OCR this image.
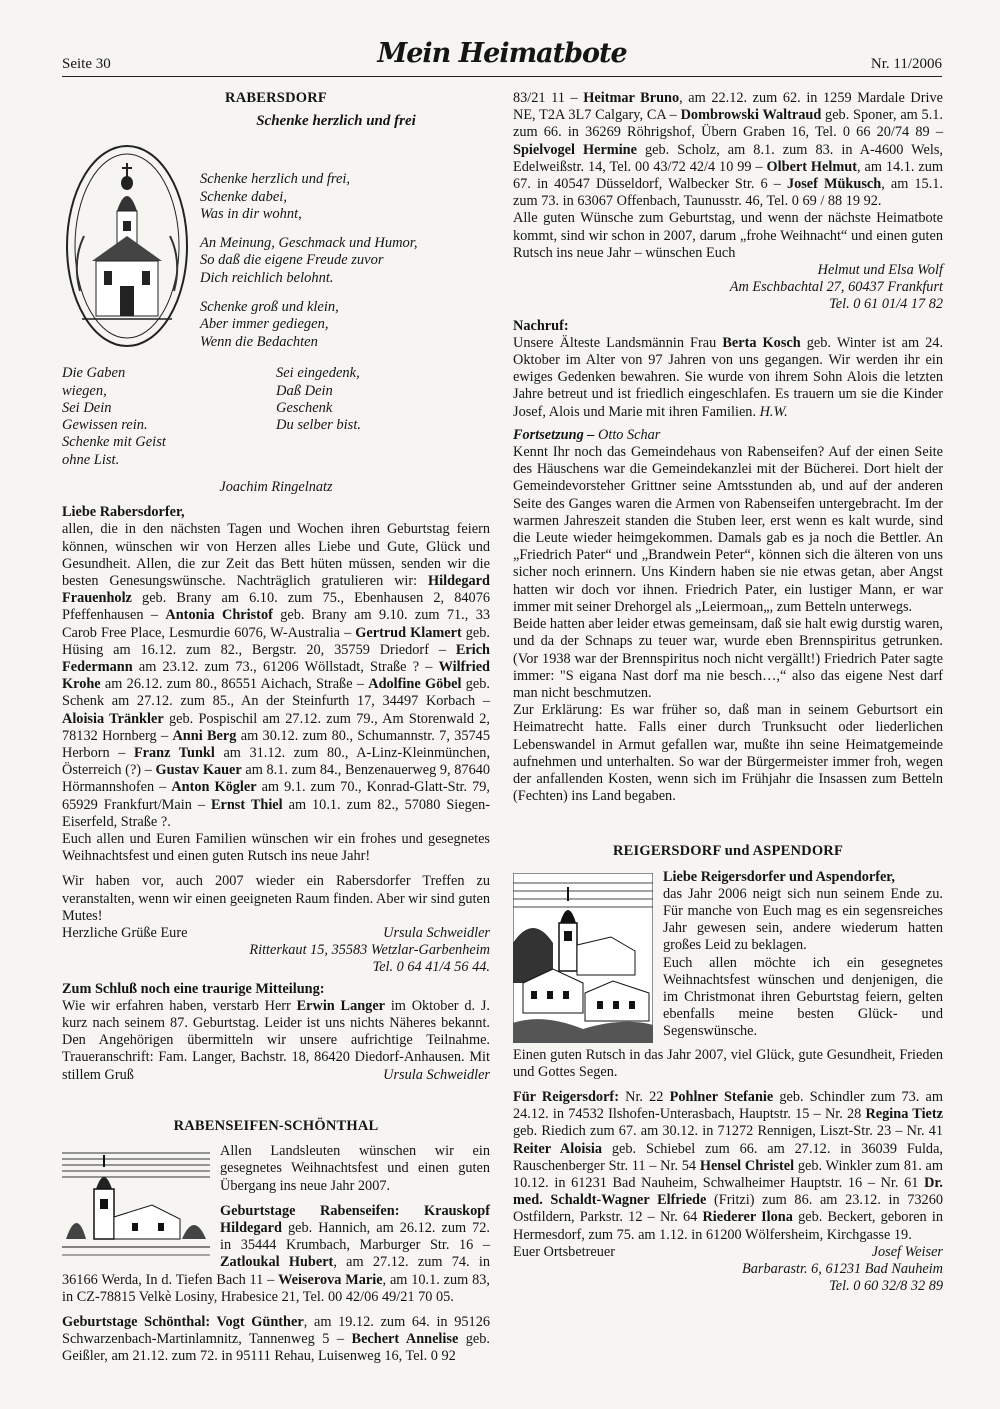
Seite 30	Mein Heimatbote	Nr. 11/2006
RABERSDORF
Schenke herzlich und frei
Schenke herzlich und frei,
Schenke dabei,
Was in dir wohnt,
An Meinung, Geschmack und Humor,
So daß die eigene Freude zuvor
Dich reichlich belohnt.
Schenke groß und klein,
Aber immer gediegen,
Wenn die Bedachten
Die Gaben wiegen,
Sei Dein Gewissen rein.
Schenke mit Geist ohne List.
Sei eingedenk,
Daß Dein Geschenk
Du selber bist.
Joachim Ringelnatz
Liebe Rabersdorfer,

allen, die in den nächsten Tagen und Wochen ihren Geburtstag feiern können, wünschen wir von Herzen alles Liebe und Gute, Glück und Gesundheit. Allen, die zur Zeit das Bett hüten müssen, senden wir die besten Genesungswünsche. Nachträglich gratulieren wir: Hildegard Frauenholz geb. Brany am 6.10. zum 75., Ebenhausen 2, 84076 Pfeffenhausen – Antonia Christof geb. Brany am 9.10. zum 71., 33 Carob Free Place, Lesmurdie 6076, W-Australia – Gertrud Klamert geb. Hüsing am 16.12. zum 82., Bergstr. 20, 35759 Driedorf – Erich Federmann am 23.12. zum 73., 61206 Wöllstadt, Straße ? – Wilfried Krohe am 26.12. zum 80., 86551 Aichach, Straße – Adolfine Göbel geb. Schenk am 27.12. zum 85., An der Steinfurth 17, 34497 Korbach – Aloisia Tränkler geb. Pospischil am 27.12. zum 79., Am Storenwald 2, 78132 Hornberg – Anni Berg am 30.12. zum 80., Schumannstr. 7, 35745 Herborn – Franz Tunkl am 31.12. zum 80., A-Linz-Kleinmünchen, Österreich (?) – Gustav Kauer am 8.1. zum 84., Benzenauerweg 9, 87640 Hörmannshofen – Anton Kögler am 9.1. zum 70., Konrad-Glatt-Str. 79, 65929 Frankfurt/Main – Ernst Thiel am 10.1. zum 82., 57080 Siegen-Eiserfeld, Straße ?.

Euch allen und Euren Familien wünschen wir ein frohes und gesegnetes Weihnachtsfest und einen guten Rutsch ins neue Jahr!

Wir haben vor, auch 2007 wieder ein Rabersdorfer Treffen zu veranstalten, wenn wir einen geeigneten Raum finden. Aber wir sind guten Mutes!

Herzliche Grüße Eure	Ursula Schweidler
Ritterkaut 15, 35583 Wetzlar-Garbenheim
Tel. 0 64 41/4 56 44.
Zum Schluß noch eine traurige Mitteilung:

Wie wir erfahren haben, verstarb Herr Erwin Langer im Oktober d. J. kurz nach seinem 87. Geburtstag. Leider ist uns nichts Näheres bekannt. Den Angehörigen übermitteln wir unsere aufrichtige Teilnahme. Traueranschrift: Fam. Langer, Bachstr. 18, 86420 Diedorf-Anhausen. Mit stillem Gruß	Ursula Schweidler

RABENSEIFEN-SCHÖNTHAL

Allen Landsleuten wünschen wir ein gesegnetes Weihnachtsfest und einen guten Übergang ins neue Jahr 2007.

Geburtstage Rabenseifen: Krauskopf Hildegard geb. Hannich, am 26.12. zum 72. in 35444 Krumbach, Marburger Str. 16 – Zatloukal Hubert, am 27.12. zum 74. in 36166 Werda, In d. Tiefen Bach 11 – Weiserova Marie, am 10.1. zum 83, in CZ-78815 Velkè Losiny, Hrabesice 21, Tel. 00 42/06 49/21 70 05.

Geburtstage Schönthal: Vogt Günther, am 19.12. zum 64. in 95126 Schwarzenbach-Martinlamnitz, Tannenweg 5 – Bechert Annelise geb. Geißler, am 21.12. zum 72. in 95111 Rehau, Luisenweg 16, Tel. 0 92

83/21 11 – Heitmar Bruno, am 22.12. zum 62. in 1259 Mardale Drive NE, T2A 3L7 Calgary, CA – Dombrowski Waltraud geb. Sponer, am 5.1. zum 66. in 36269 Röhrigshof, Übern Graben 16, Tel. 0 66 20/74 89 – Spielvogel Hermine geb. Scholz, am 8.1. zum 83. in A-4600 Wels, Edelweißstr. 14, Tel. 00 43/72 42/4 10 99 – Olbert Helmut, am 14.1. zum 67. in 40547 Düsseldorf, Walbecker Str. 6 – Josef Mükusch, am 15.1. zum 73. in 63067 Offenbach, Taunusstr. 46, Tel. 0 69 / 88 19 92.

Alle guten Wünsche zum Geburtstag, und wenn der nächste Heimatbote kommt, sind wir schon in 2007, darum „frohe Weihnacht“ und einen guten Rutsch ins neue Jahr – wünschen Euch

Helmut und Elsa Wolf
Am Eschbachtal 27, 60437 Frankfurt
Tel. 0 61 01/4 17 82
Nachruf:

Unsere Älteste Landsmännin Frau Berta Kosch geb. Winter ist am 24. Oktober im Alter von 97 Jahren von uns gegangen. Wir werden ihr ein ewiges Gedenken bewahren. Sie wurde von ihrem Sohn Alois die letzten Jahre betreut und ist friedlich eingeschlafen. Es trauern um sie die Kinder Josef, Alois und Marie mit ihren Familien. H.W.

Fortsetzung – Otto Schar

Kennt Ihr noch das Gemeindehaus von Rabenseifen? Auf der einen Seite des Häuschens war die Gemeindekanzlei mit der Bücherei. Dort hielt der Gemeindevorsteher Grittner seine Amtsstunden ab, und auf der anderen Seite des Ganges waren die Armen von Rabenseifen untergebracht. Im der warmen Jahreszeit standen die Stuben leer, erst wenn es kalt wurde, sind die Leute wieder heimgekommen. Damals gab es ja noch die Bettler. An „Friedrich Pater“ und „Brandwein Peter“, können sich die älteren von uns sicher noch erinnern. Uns Kindern haben sie nie etwas getan, aber Angst hatten wir doch vor ihnen. Friedrich Pater, ein lustiger Mann, er war immer mit seiner Drehorgel als „Leiermoan„, zum Betteln unterwegs.

Beide hatten aber leider etwas gemeinsam, daß sie halt ewig durstig waren, und da der Schnaps zu teuer war, wurde eben Brennspiritus getrunken. (Vor 1938 war der Brennspiritus noch nicht vergällt!) Friedrich Pater sagte immer: "S eigana Nast dorf ma nie besch…,“ also das eigene Nest darf man nicht beschmutzen.

Zur Erklärung: Es war früher so, daß man in seinem Geburtsort ein Heimatrecht hatte. Falls einer durch Trunksucht oder liederlichen Lebenswandel in Armut gefallen war, mußte ihn seine Heimatgemeinde aufnehmen und unterhalten. So war der Bürgermeister immer froh, wegen der anfallenden Kosten, wenn sich im Frühjahr die Insassen zum Betteln (Fechten) ins Land begaben.

REIGERSDORF und ASPENDORF
Liebe Reigersdorfer und Aspendorfer,

das Jahr 2006 neigt sich nun seinem Ende zu. Für manche von Euch mag es ein segensreiches Jahr gewesen sein, andere wiederum hatten großes Leid zu beklagen.

Euch allen möchte ich ein gesegnetes Weihnachtsfest wünschen und denjenigen, die im Christmonat ihren Geburtstag feiern, gelten ebenfalls meine besten Glück- und Segenswünsche.

Einen guten Rutsch in das Jahr 2007, viel Glück, gute Gesundheit, Frieden und Gottes Segen.

Für Reigersdorf: Nr. 22 Pohlner Stefanie geb. Schindler zum 73. am 24.12. in 74532 Ilshofen-Unterasbach, Hauptstr. 15 – Nr. 28 Regina Tietz geb. Riedich zum 67. am 30.12. in 71272 Rennigen, Liszt-Str. 23 – Nr. 41 Reiter Aloisia geb. Schiebel zum 66. am 27.12. in 36039 Fulda, Rauschenberger Str. 11 – Nr. 54 Hensel Christel geb. Winkler zum 81. am 10.12. in 61231 Bad Nauheim, Schwalheimer Hauptstr. 16 – Nr. 61 Dr. med. Schaldt-Wagner Elfriede (Fritzi) zum 86. am 23.12. in 73260 Ostfildern, Parkstr. 12 – Nr. 64 Riederer Ilona geb. Beckert, geboren in Hermesdorf, zum 75. am 1.12. in 61200 Wölfersheim, Kirchgasse 19.

Euer Ortsbetreuer	Josef Weiser
Barbarastr. 6, 61231 Bad Nauheim
Tel. 0 60 32/8 32 89
